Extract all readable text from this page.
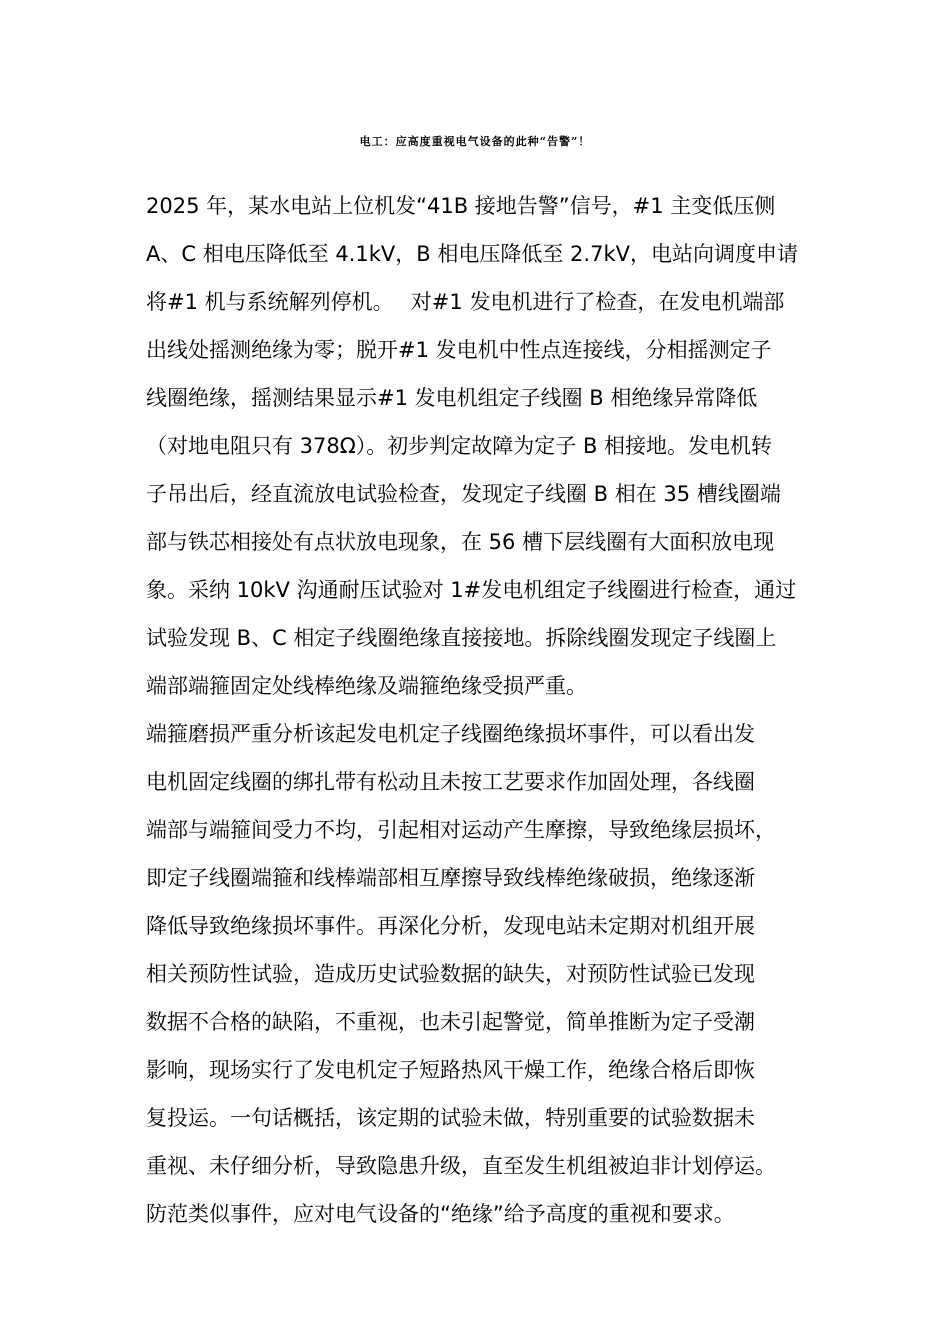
电工：应高度重视电气设备的此种“告警”！
2025 年，某水电站上位机发“41B 接地告警”信号，#1 主变低压侧
A、C 相电压降低至 4.1kV，B 相电压降低至 2.7kV，电站向调度申请
将#1 机与系统解列停机。　 对#1 发电机进行了检查，在发电机端部
出线处摇测绝缘为零；脱开#1 发电机中性点连接线，分相摇测定子
线圈绝缘，摇测结果显示#1 发电机组定子线圈 B 相绝缘异常降低
（对地电阻只有 378Ω）。初步判定故障为定子 B 相接地。发电机转
子吊出后，经直流放电试验检查，发现定子线圈 B 相在 35 槽线圈端
部与铁芯相接处有点状放电现象，在 56 槽下层线圈有大面积放电现
象。采纳 10kV 沟通耐压试验对 1#发电机组定子线圈进行检查，通过
试验发现 B、C 相定子线圈绝缘直接接地。拆除线圈发现定子线圈上
端部端箍固定处线棒绝缘及端箍绝缘受损严重。
端箍磨损严重分析该起发电机定子线圈绝缘损坏事件，可以看出发
电机固定线圈的绑扎带有松动且未按工艺要求作加固处理，各线圈
端部与端箍间受力不均，引起相对运动产生摩擦，导致绝缘层损坏，
即定子线圈端箍和线棒端部相互摩擦导致线棒绝缘破损，绝缘逐渐
降低导致绝缘损坏事件。再深化分析，发现电站未定期对机组开展
相关预防性试验，造成历史试验数据的缺失，对预防性试验已发现
数据不合格的缺陷，不重视，也未引起警觉，简单推断为定子受潮
影响，现场实行了发电机定子短路热风干燥工作，绝缘合格后即恢
复投运。一句话概括，该定期的试验未做，特别重要的试验数据未
重视、未仔细分析，导致隐患升级，直至发生机组被迫非计划停运。
防范类似事件，应对电气设备的“绝缘”给予高度的重视和要求。
